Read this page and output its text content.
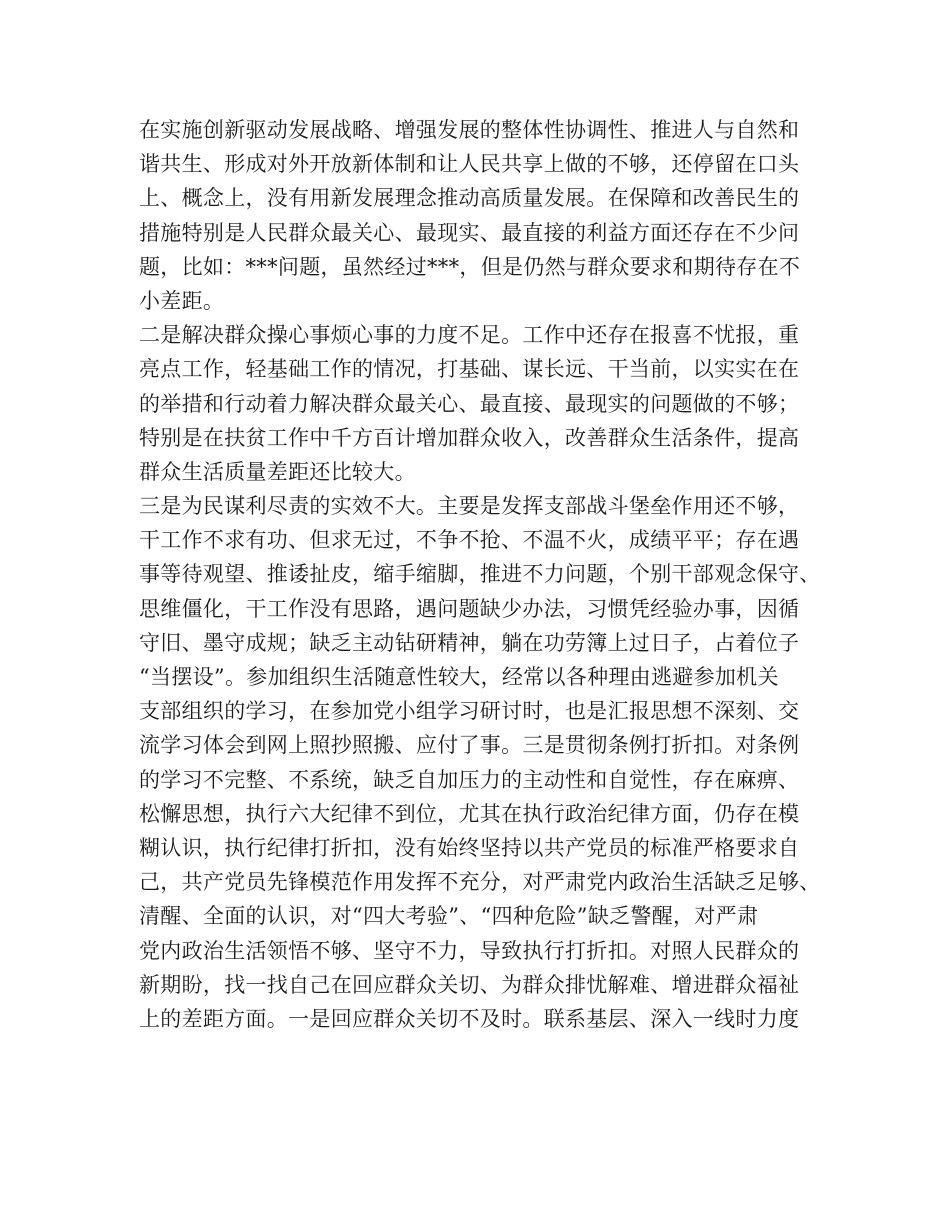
在实施创新驱动发展战略、增强发展的整体性协调性、推进人与自然和
谐共生、形成对外开放新体制和让人民共享上做的不够，还停留在口头
上、概念上，没有用新发展理念推动高质量发展。在保障和改善民生的
措施特别是人民群众最关心、最现实、最直接的利益方面还存在不少问
题，比如：***问题，虽然经过***，但是仍然与群众要求和期待存在不
小差距。
二是解决群众操心事烦心事的力度不足。工作中还存在报喜不忧报，重
亮点工作，轻基础工作的情况，打基础、谋长远、干当前，以实实在在
的举措和行动着力解决群众最关心、最直接、最现实的问题做的不够；
特别是在扶贫工作中千方百计增加群众收入，改善群众生活条件，提高
群众生活质量差距还比较大。
三是为民谋利尽责的实效不大。主要是发挥支部战斗堡垒作用还不够，
干工作不求有功、但求无过，不争不抢、不温不火，成绩平平；存在遇
事等待观望、推诿扯皮，缩手缩脚，推进不力问题，个别干部观念保守、
思维僵化，干工作没有思路，遇问题缺少办法，习惯凭经验办事，因循
守旧、墨守成规；缺乏主动钻研精神，躺在功劳簿上过日子，占着位子
“当摆设”。参加组织生活随意性较大，经常以各种理由逃避参加机关
支部组织的学习，在参加党小组学习研讨时，也是汇报思想不深刻、交
流学习体会到网上照抄照搬、应付了事。三是贯彻条例打折扣。对条例
的学习不完整、不系统，缺乏自加压力的主动性和自觉性，存在麻痹、
松懈思想，执行六大纪律不到位，尤其在执行政治纪律方面，仍存在模
糊认识，执行纪律打折扣，没有始终坚持以共产党员的标准严格要求自
己，共产党员先锋模范作用发挥不充分，对严肃党内政治生活缺乏足够、
清醒、全面的认识，对“四大考验”、“四种危险”缺乏警醒，对严肃
党内政治生活领悟不够、坚守不力，导致执行打折扣。对照人民群众的
新期盼，找一找自己在回应群众关切、为群众排忧解难、增进群众福祉
上的差距方面。一是回应群众关切不及时。联系基层、深入一线时力度
